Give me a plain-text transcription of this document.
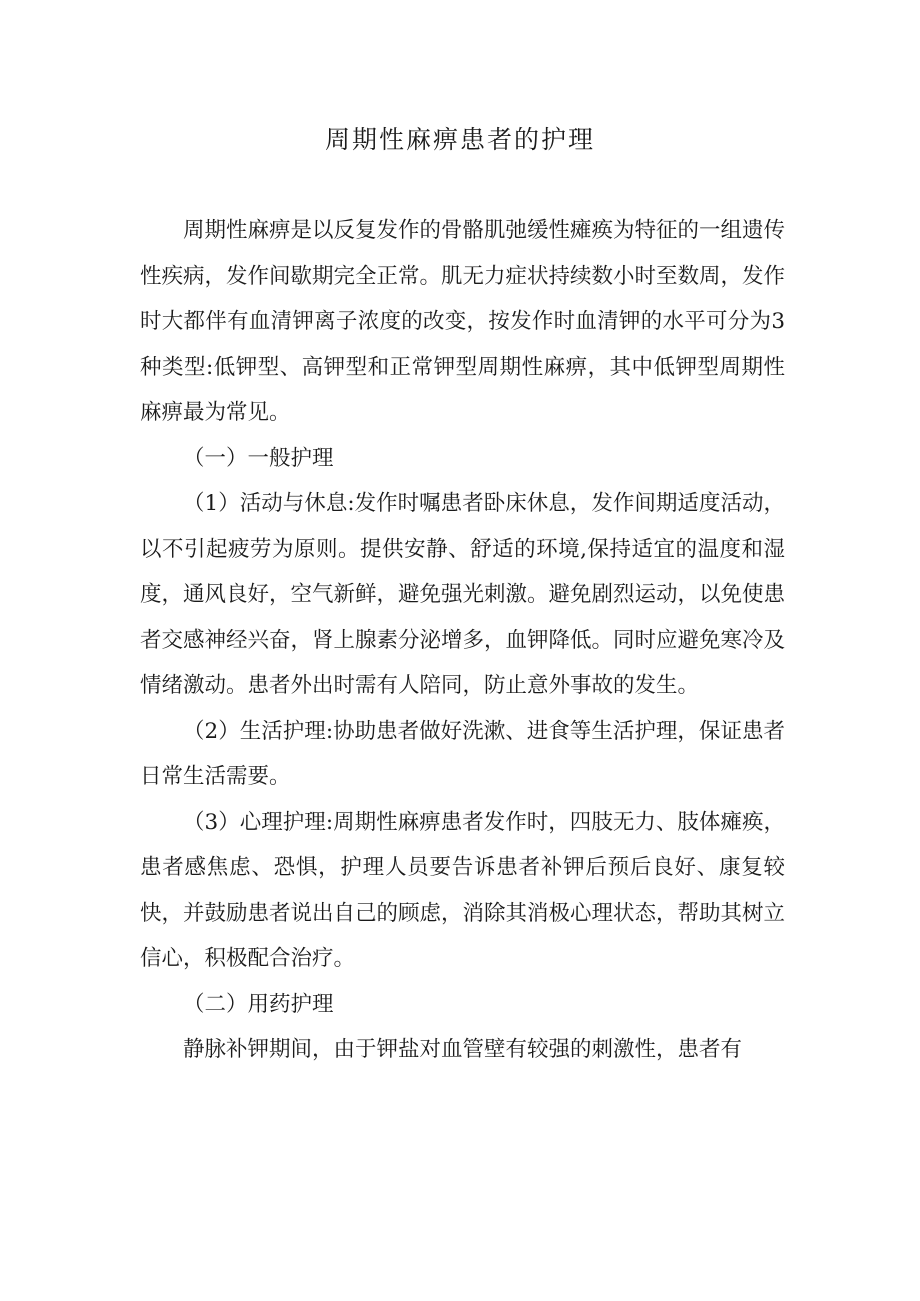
周期性麻痹患者的护理

周期性麻痹是以反复发作的骨骼肌弛缓性瘫痪为特征的一组遗传性疾病，发作间歇期完全正常。肌无力症状持续数小时至数周，发作时大都伴有血清钾离子浓度的改变，按发作时血清钾的水平可分为3种类型:低钾型、高钾型和正常钾型周期性麻痹，其中低钾型周期性麻痹最为常见。

（一）一般护理

（1）活动与休息:发作时嘱患者卧床休息，发作间期适度活动，以不引起疲劳为原则。提供安静、舒适的环境,保持适宜的温度和湿度，通风良好，空气新鲜，避免强光刺激。避免剧烈运动，以免使患者交感神经兴奋，肾上腺素分泌增多，血钾降低。同时应避免寒冷及情绪激动。患者外出时需有人陪同，防止意外事故的发生。

（2）生活护理:协助患者做好洗漱、进食等生活护理，保证患者日常生活需要。

（3）心理护理:周期性麻痹患者发作时，四肢无力、肢体瘫痪，患者感焦虑、恐惧，护理人员要告诉患者补钾后预后良好、康复较快，并鼓励患者说出自己的顾虑，消除其消极心理状态，帮助其树立信心，积极配合治疗。

（二）用药护理

静脉补钾期间，由于钾盐对血管壁有较强的刺激性，患者有
